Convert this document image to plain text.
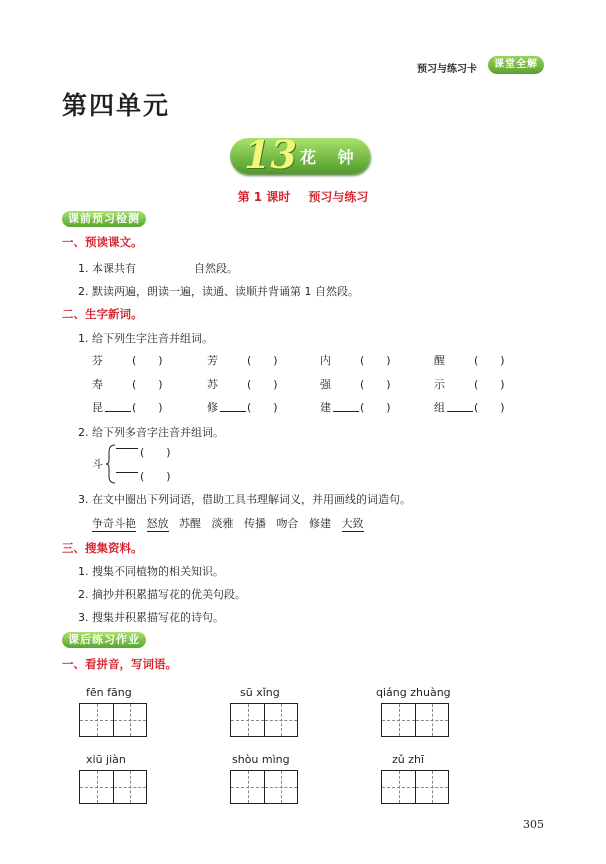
预习与练习卡	课堂全解
第四单元
13 花 钟
第 1 课时 预习与练习
课前预习检测
一、预读课文。
1. 本课共有	自然段。
2. 默读两遍，朗读一遍，读通、读顺并背诵第 1 自然段。
二、生字新词。
1. 给下列生字注音并组词。
芬	(　　)	芳	(　　)	内	(　　)	醒	(　　)
寿	(　　)	苏	(　　)	强	(　　)	示	(　　)
昆	(　　)	修	(　　)	建	(　　)	组	(　　)
2. 给下列多音字注音并组词。
斗
(　　)
(　　)
3. 在文中圈出下列词语，借助工具书理解词义，并用画线的词造句。
争奇斗艳 怒放 苏醒 淡雅 传播 吻合 修建 大致
三、搜集资料。
1. 搜集不同植物的相关知识。
2. 摘抄并积累描写花的优美句段。
3. 搜集并积累描写花的诗句。
课后练习作业
一、看拼音，写词语。
fēn fāng	sū xǐng	qiáng zhuàng
xiū jiàn	shòu mìng	zǔ zhī
305
